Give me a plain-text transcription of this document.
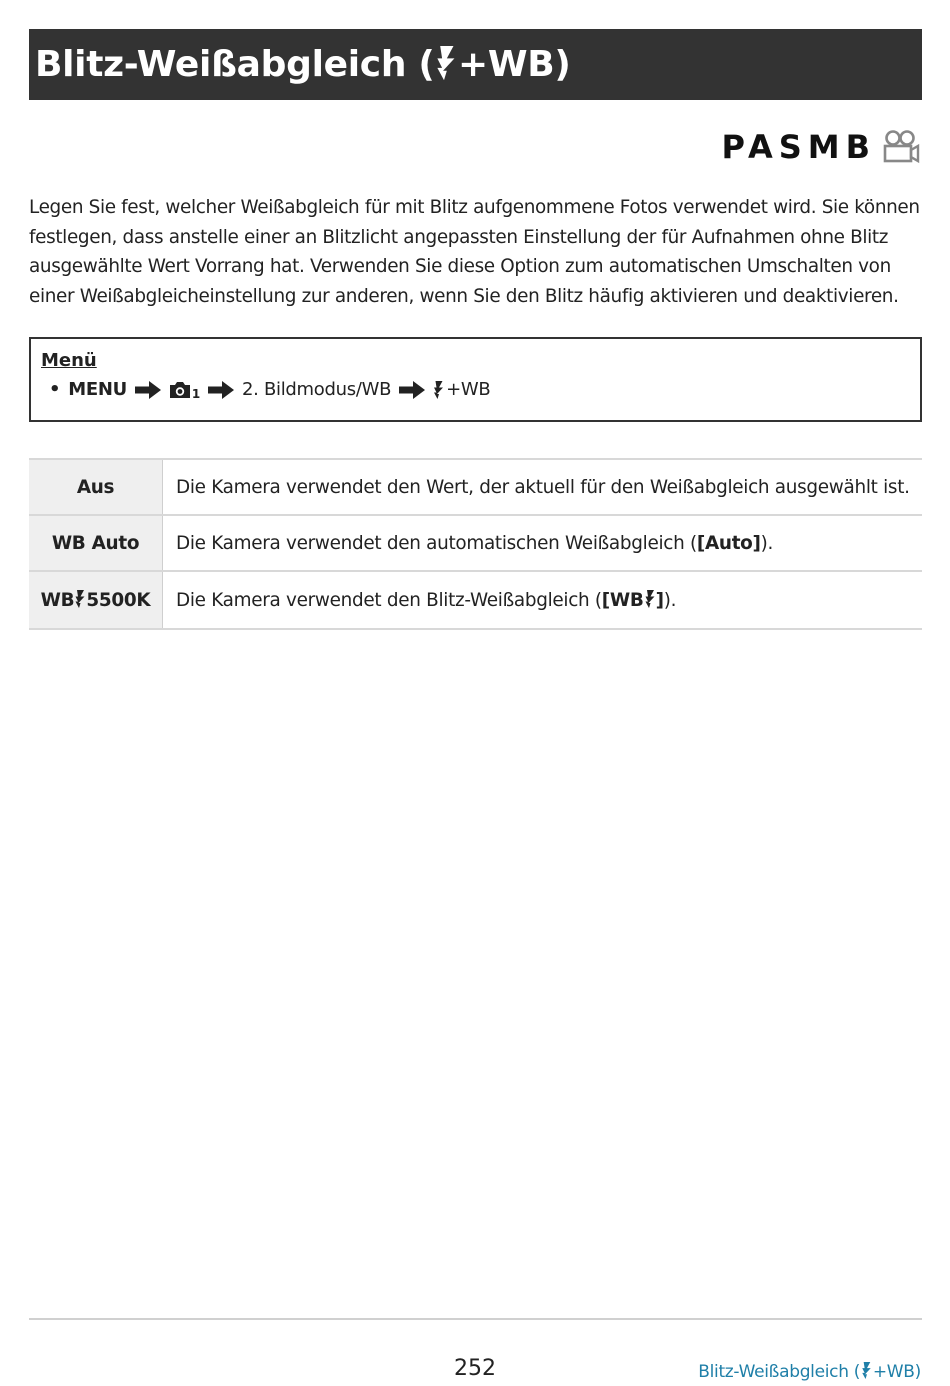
Blitz-Weißabgleich ( +WB)
PASMB

Legen Sie fest, welcher Weißabgleich für mit Blitz aufgenommene Fotos verwendet wird. Sie können festlegen, dass anstelle einer an Blitzlicht angepassten Einstellung der für Aufnahmen ohne Blitz ausgewählte Wert Vorrang hat. Verwenden Sie diese Option zum automatischen Umschalten von einer Weißabgleicheinstellung zur anderen, wenn Sie den Blitz häufig aktivieren und deaktivieren.

Menü
• MENU	1 2. Bildmodus/WB	+WB
Aus	Die Kamera verwendet den Wert, der aktuell für den Weißabgleich ausgewählt ist.
WB Auto	Die Kamera verwendet den automatischen Weißabgleich ([Auto]).
WB 5500K	Die Kamera verwendet den Blitz-Weißabgleich ([WB ]).
252	Blitz-Weißabgleich ( +WB)
